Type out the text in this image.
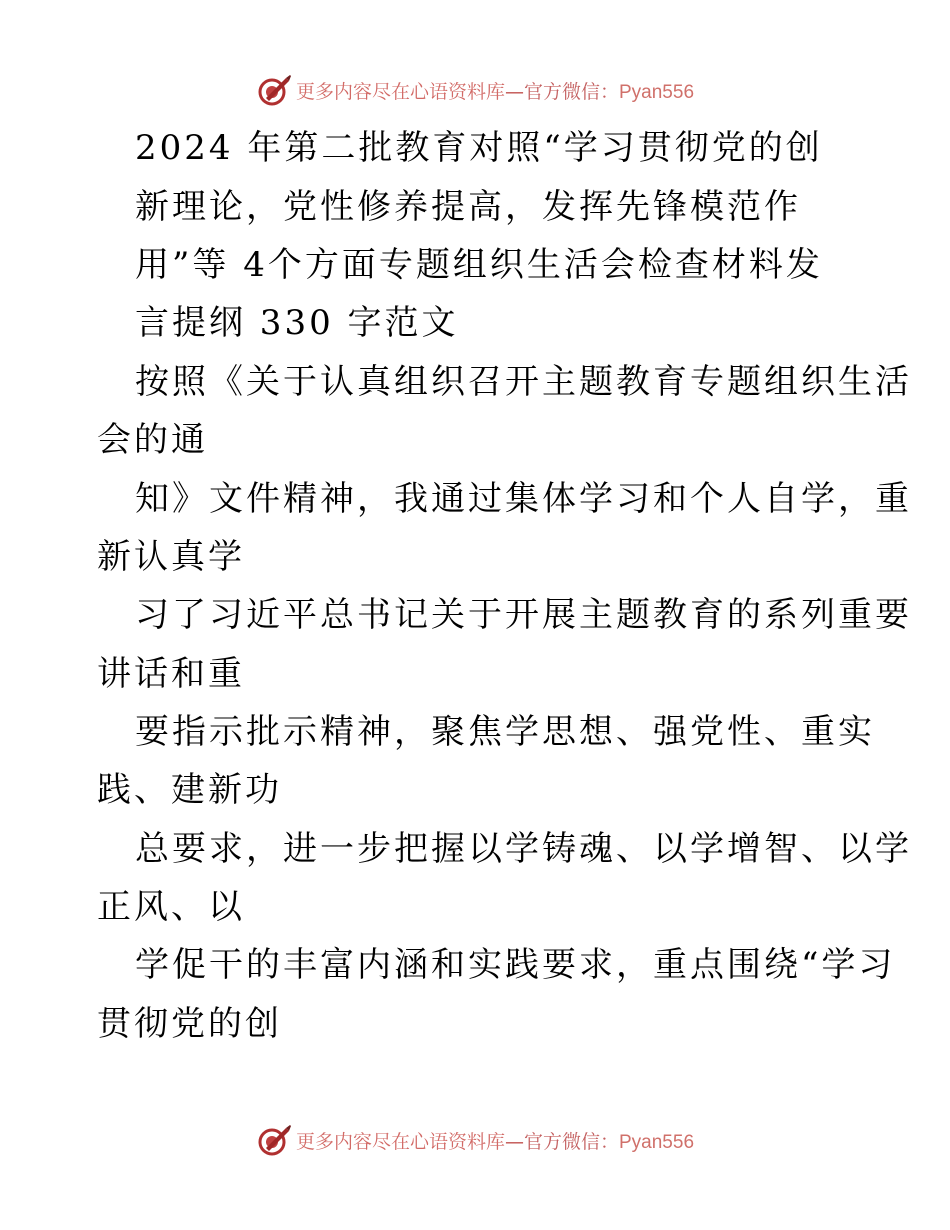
更多内容尽在心语资料库—官方微信：Pyan556
2024 年第二批教育对照“学习贯彻党的创
新理论，党性修养提高，发挥先锋模范作
用”等 4个方面专题组织生活会检查材料发
言提纲 330 字范文
按照《关于认真组织召开主题教育专题组织生活
会的通
知》文件精神，我通过集体学习和个人自学，重
新认真学
习了习近平总书记关于开展主题教育的系列重要
讲话和重
要指示批示精神，聚焦学思想、强党性、重实
践、建新功
总要求，进一步把握以学铸魂、以学增智、以学
正风、以
学促干的丰富内涵和实践要求，重点围绕“学习
贯彻党的创
更多内容尽在心语资料库—官方微信：Pyan556
